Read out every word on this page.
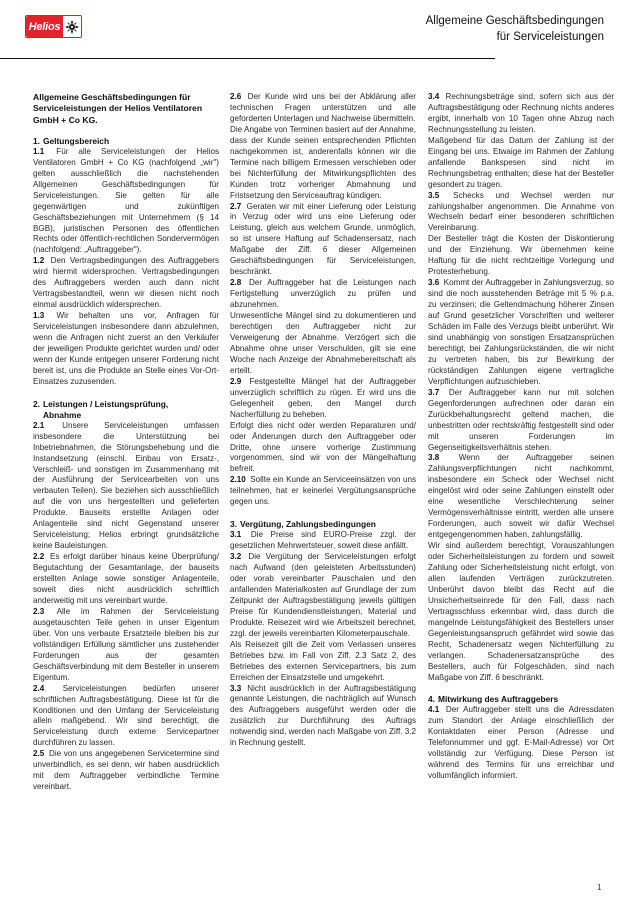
Helios	Allgemeine Geschäftsbedingungen
für Serviceleistungen
Allgemeine Geschäftsbedingungen für Serviceleistungen der Helios Ventilatoren GmbH + Co KG.
1. Geltungsbereich

1.1 Für alle Serviceleistungen der Helios Ventilatoren GmbH + Co KG (nachfolgend „wir") gelten ausschließlich die nachstehenden Allgemeinen Geschäftsbedingungen für Serviceleistungen. Sie gelten für alle gegenwärtigen und zukünftigen Geschäftsbeziehungen mit Unternehmern (§ 14 BGB), juristischen Personen des öffentlichen Rechts oder öffentlich-rechtlichen Sondervermögen (nachfolgend: „Auftraggeber").

1.2 Den Vertragsbedingungen des Auftraggebers wird hiermit widersprochen. Vertragsbedingungen des Auftraggebers werden auch dann nicht Vertragsbestandteil, wenn wir diesen nicht noch einmal ausdrücklich widersprechen.

1.3 Wir behalten uns vor, Anfragen für Serviceleistungen insbesondere dann abzulehnen, wenn die Anfragen nicht zuerst an den Verkäufer der jeweiligen Produkte gerichtet wurden und/ oder wenn der Kunde entgegen unserer Forderung nicht bereit ist, uns die Produkte an Stelle eines Vor-Ort-Einsatzes zuzusenden.

2. Leistungen / Leistungsprüfung,
Abnahme

2.1 Unsere Serviceleistungen umfassen insbesondere die Unterstützung bei Inbetriebnahmen, die Störungsbehebung und die Instandsetzung (einschl. Einbau von Ersatz-, Verschleiß- und sonstigen im Zusammenhang mit der Ausführung der Servicearbeiten von uns verbauten Teilen). Sie beziehen sich ausschließlich auf die von uns hergestellten und gelieferten Produkte. Bauseits erstellte Anlagen oder Anlagenteile sind nicht Gegenstand unserer Serviceleistung; Helios erbringt grundsätzliche keine Bauleistungen.

2.2 Es erfolgt darüber hinaus keine Überprüfung/ Begutachtung der Gesamtanlage, der bauseits erstellten Anlage sowie sonstiger Anlagenteile, soweit dies nicht ausdrücklich schriftlich anderweitig mit uns vereinbart wurde.

2.3 Alle im Rahmen der Serviceleistung ausgetauschten Teile gehen in unser Eigentum über. Von uns verbaute Ersatzteile bleiben bis zur vollständigen Erfüllung sämtlicher uns zustehender Forderungen aus der gesamten Geschäftsverbindung mit dem Besteller in unserem Eigentum.

2.4 Serviceleistungen bedürfen unserer schriftlichen Auftragsbestätigung. Diese ist für die Konditionen und den Umfang der Serviceleistung allein maßgebend. Wir sind berechtigt, die Serviceleistung durch externe Servicepartner durchführen zu lassen.

2.5 Die von uns angegebenen Servicetermine sind unverbindlich, es sei denn, wir haben ausdrücklich mit dem Auftraggeber verbindliche Termine vereinbart.

2.6 Der Kunde wird uns bei der Abklärung aller technischen Fragen unterstützen und alle geforderten Unterlagen und Nachweise übermitteln.

Die Angabe von Terminen basiert auf der Annahme, dass der Kunde seinen entsprechenden Pflichten nachgekommen ist, anderenfalls können wir die Termine nach billigem Ermessen verschieben oder bei Nichterfüllung der Mitwirkungspflichten des Kunden trotz vorheriger Abmahnung und Fristsetzung den Serviceauftrag kündigen.

2.7 Geraten wir mit einer Lieferung oder Leistung in Verzug oder wird uns eine Lieferung oder Leistung, gleich aus welchem Grunde, unmöglich, so ist unsere Haftung auf Schadensersatz, nach Maßgabe der Ziff. 6 dieser Allgemeinen Geschäftsbedingungen für Serviceleistungen, beschränkt.

2.8 Der Auftraggeber hat die Leistungen nach Fertigstellung unverzüglich zu prüfen und abzunehmen.

Unwesentliche Mängel sind zu dokumentieren und berechtigen den Auftraggeber nicht zur Verweigerung der Abnahme. Verzögert sich die Abnahme ohne unser Verschulden, gilt sie eine Woche nach Anzeige der Abnahmebereitschaft als erteilt.

2.9 Festgestellte Mängel hat der Auftraggeber unverzüglich schriftlich zu rügen. Er wird uns die Gelegenheit geben, den Mangel durch Nacherfüllung zu beheben.

Erfolgt dies nicht oder werden Reparaturen und/ oder Änderungen durch den Auftraggeber oder Dritte, ohne unsere vorherige Zustimmung vorgenommen, sind wir von der Mängelhaftung befreit.

2.10 Sollte ein Kunde an Serviceeinsätzen von uns teilnehmen, hat er keinerlei Vergütungsansprüche gegen uns.

3. Vergütung, Zahlungsbedingungen

3.1 Die Preise sind EURO-Preise zzgl. der gesetzlichen Mehrwertsteuer, soweit diese anfällt.

3.2 Die Vergütung der Serviceleistungen erfolgt nach Aufwand (den geleisteten Arbeitsstunden) oder vorab vereinbarter Pauschalen und den anfallenden Materialkosten auf Grundlage der zum Zeitpunkt der Auftragsbestätigung jeweils gültigen Preise für Kundendienstleistungen, Material und Produkte. Reisezeit wird wie Arbeitszeit berechnet, zzgl. der jeweils vereinbarten Kilometerpauschale.

Als Reisezeit gilt die Zeit vom Verlassen unseres Betriebes bzw. im Fall von Ziff. 2.3 Satz 2, des Betriebes des externen Servicepartners, bis zum Erreichen der Einsatzstelle und umgekehrt.

3.3 Nicht ausdrücklich in der Auftragsbestätigung genannte Leistungen, die nachträglich auf Wunsch des Auftraggebers ausgeführt werden oder die zusätzlich zur Durchführung des Auftrags notwendig sind, werden nach Maßgabe von Ziff. 3.2 in Rechnung gestellt.

3.4 Rechnungsbeträge sind, sofern sich aus der Auftragsbestätigung oder Rechnung nichts anderes ergibt, innerhalb von 10 Tagen ohne Abzug nach Rechnungsstellung zu leisten.

Maßgebend für das Datum der Zahlung ist der Eingang bei uns. Etwaige im Rahmen der Zahlung anfallende Bankspesen sind nicht im Rechnungsbetrag enthalten; diese hat der Besteller gesondert zu tragen.

3.5 Schecks und Wechsel werden nur zahlungshalber angenommen. Die Annahme von Wechseln bedarf einer besonderen schriftlichen Vereinbarung.

Der Besteller trägt die Kosten der Diskontierung und der Einziehung. Wir übernehmen keine Haftung für die nicht rechtzeitige Vorlegung und Protesterhebung.

3.6 Kommt der Auftraggeber in Zahlungsverzug, so sind die noch ausstehenden Beträge mit 5 % p.a. zu verzinsen; die Geltendmachung höherer Zinsen auf Grund gesetzlicher Vorschriften und weiterer Schäden im Falle des Verzugs bleibt unberührt. Wir sind unabhängig von sonstigen Ersatzansprüchen berechtigt, bei Zahlungsrückständen, die wir nicht zu vertreten haben, bis zur Bewirkung der rückständigen Zahlungen eigene vertragliche Verpflichtungen aufzuschieben.

3.7 Der Auftraggeber kann nur mit solchen Gegenforderungen aufrechnen oder daran ein Zurückbehaltungsrecht geltend machen, die unbestritten oder rechtskräftig festgestellt sind oder mit unseren Forderungen im Gegenseitigkeitsverhältnis stehen.

3.8 Wenn der Auftraggeber seinen Zahlungsverpflichtungen nicht nachkommt, insbesondere ein Scheck oder Wechsel nicht eingelöst wird oder seine Zahlungen einstellt oder eine wesentliche Verschlechterung seiner Vermögensverhältnisse eintritt, werden alle unsere Forderungen, auch soweit wir dafür Wechsel entgegengenommen haben, zahlungsfällig.

Wir sind außerdem berechtigt, Vorauszahlungen oder Sicherheitsleistungen zu fordern und soweit Zahlung oder Sicherheitsleistung nicht erfolgt, von allen laufenden Verträgen zurückzutreten. Unberührt davon bleibt das Recht auf die Unsicherheitseinrede für den Fall, dass nach Vertragsschluss erkennbar wird, dass durch die mangelnde Leistungsfähigkeit des Bestellers unser Gegenleistungsanspruch gefährdet wird sowie das Recht, Schadenersatz wegen Nichterfüllung zu verlangen. Schadenersatzansprüche des Bestellers, auch für Folgeschäden, sind nach Maßgabe von Ziff. 6 beschränkt.

4. Mitwirkung des Auftraggebers

4.1 Der Auftraggeber stellt uns die Adressdaten zum Standort der Anlage einschließlich der Kontaktdaten einer Person (Adresse und Telefonnummer und ggf. E-Mail-Adresse) vor Ort vollständig zur Verfügung. Diese Person ist während des Termins für uns erreichbar und vollumfänglich informiert.

1
